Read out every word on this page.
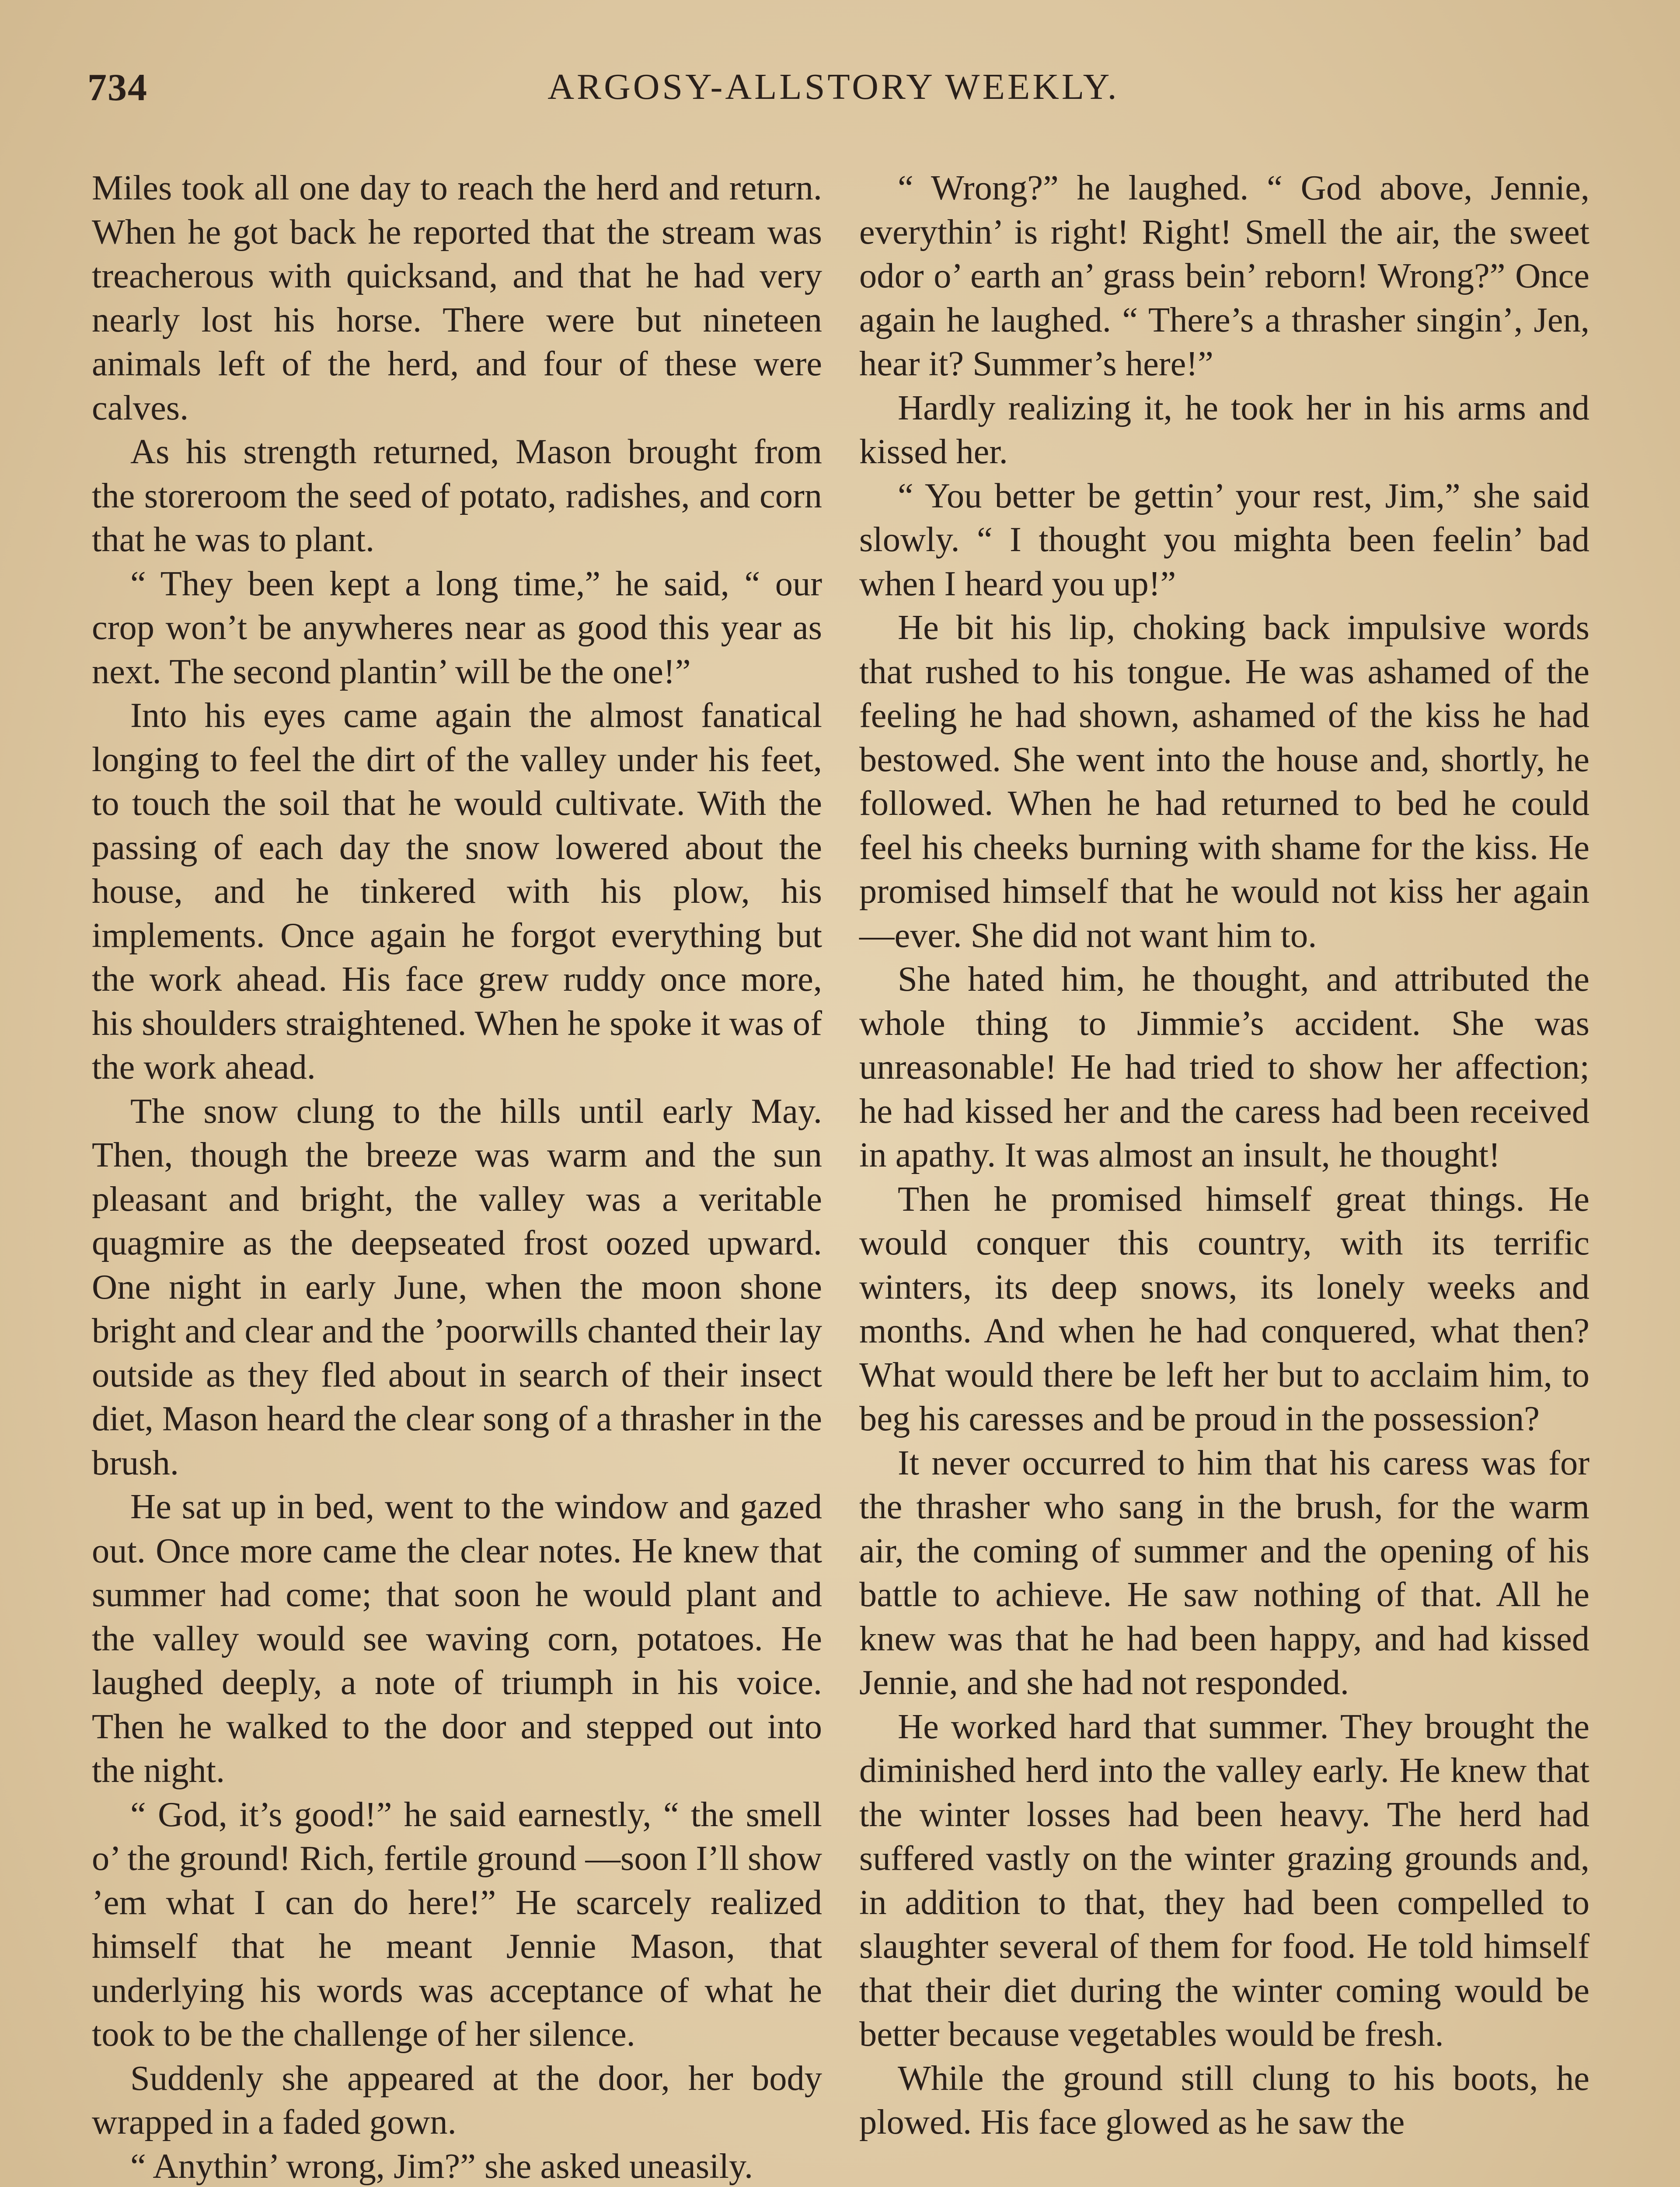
734	ARGOSY-ALLSTORY WEEKLY.

Miles took all one day to reach the herd and return. When he got back he reported that the stream was treacherous with quicksand, and that he had very nearly lost his horse. There were but nineteen animals left of the herd, and four of these were calves.

As his strength returned, Mason brought from the storeroom the seed of potato, radishes, and corn that he was to plant.

“ They been kept a long time,” he said, “ our crop won’t be anywheres near as good this year as next. The second plantin’ will be the one!”

Into his eyes came again the almost fanatical longing to feel the dirt of the valley under his feet, to touch the soil that he would cultivate. With the passing of each day the snow lowered about the house, and he tinkered with his plow, his implements. Once again he forgot everything but the work ahead. His face grew ruddy once more, his shoulders straightened. When he spoke it was of the work ahead.

The snow clung to the hills until early May. Then, though the breeze was warm and the sun pleasant and bright, the valley was a veritable quagmire as the deepseated frost oozed upward. One night in early June, when the moon shone bright and clear and the ’poorwills chanted their lay outside as they fled about in search of their insect diet, Mason heard the clear song of a thrasher in the brush.

He sat up in bed, went to the window and gazed out. Once more came the clear notes. He knew that summer had come; that soon he would plant and the valley would see waving corn, potatoes. He laughed deeply, a note of triumph in his voice. Then he walked to the door and stepped out into the night.

“ God, it’s good!” he said earnestly, “ the smell o’ the ground! Rich, fertile ground —soon I’ll show ’em what I can do here!” He scarcely realized himself that he meant Jennie Mason, that underlying his words was acceptance of what he took to be the challenge of her silence.

Suddenly she appeared at the door, her body wrapped in a faded gown.

“ Anythin’ wrong, Jim?” she asked uneasily.

“ Wrong?” he laughed. “ God above, Jennie, everythin’ is right! Right! Smell the air, the sweet odor o’ earth an’ grass bein’ reborn! Wrong?” Once again he laughed. “ There’s a thrasher singin’, Jen, hear it? Summer’s here!”

Hardly realizing it, he took her in his arms and kissed her.

“ You better be gettin’ your rest, Jim,” she said slowly. “ I thought you mighta been feelin’ bad when I heard you up!”

He bit his lip, choking back impulsive words that rushed to his tongue. He was ashamed of the feeling he had shown, ashamed of the kiss he had bestowed. She went into the house and, shortly, he followed. When he had returned to bed he could feel his cheeks burning with shame for the kiss. He promised himself that he would not kiss her again—ever. She did not want him to.

She hated him, he thought, and attributed the whole thing to Jimmie’s accident. She was unreasonable! He had tried to show her affection; he had kissed her and the caress had been received in apathy. It was almost an insult, he thought!

Then he promised himself great things. He would conquer this country, with its terrific winters, its deep snows, its lonely weeks and months. And when he had conquered, what then? What would there be left her but to acclaim him, to beg his caresses and be proud in the possession?

It never occurred to him that his caress was for the thrasher who sang in the brush, for the warm air, the coming of summer and the opening of his battle to achieve. He saw nothing of that. All he knew was that he had been happy, and had kissed Jennie, and she had not responded.

He worked hard that summer. They brought the diminished herd into the valley early. He knew that the winter losses had been heavy. The herd had suffered vastly on the winter grazing grounds and, in addition to that, they had been compelled to slaughter several of them for food. He told himself that their diet during the winter coming would be better because vegetables would be fresh.

While the ground still clung to his boots, he plowed. His face glowed as he saw the
